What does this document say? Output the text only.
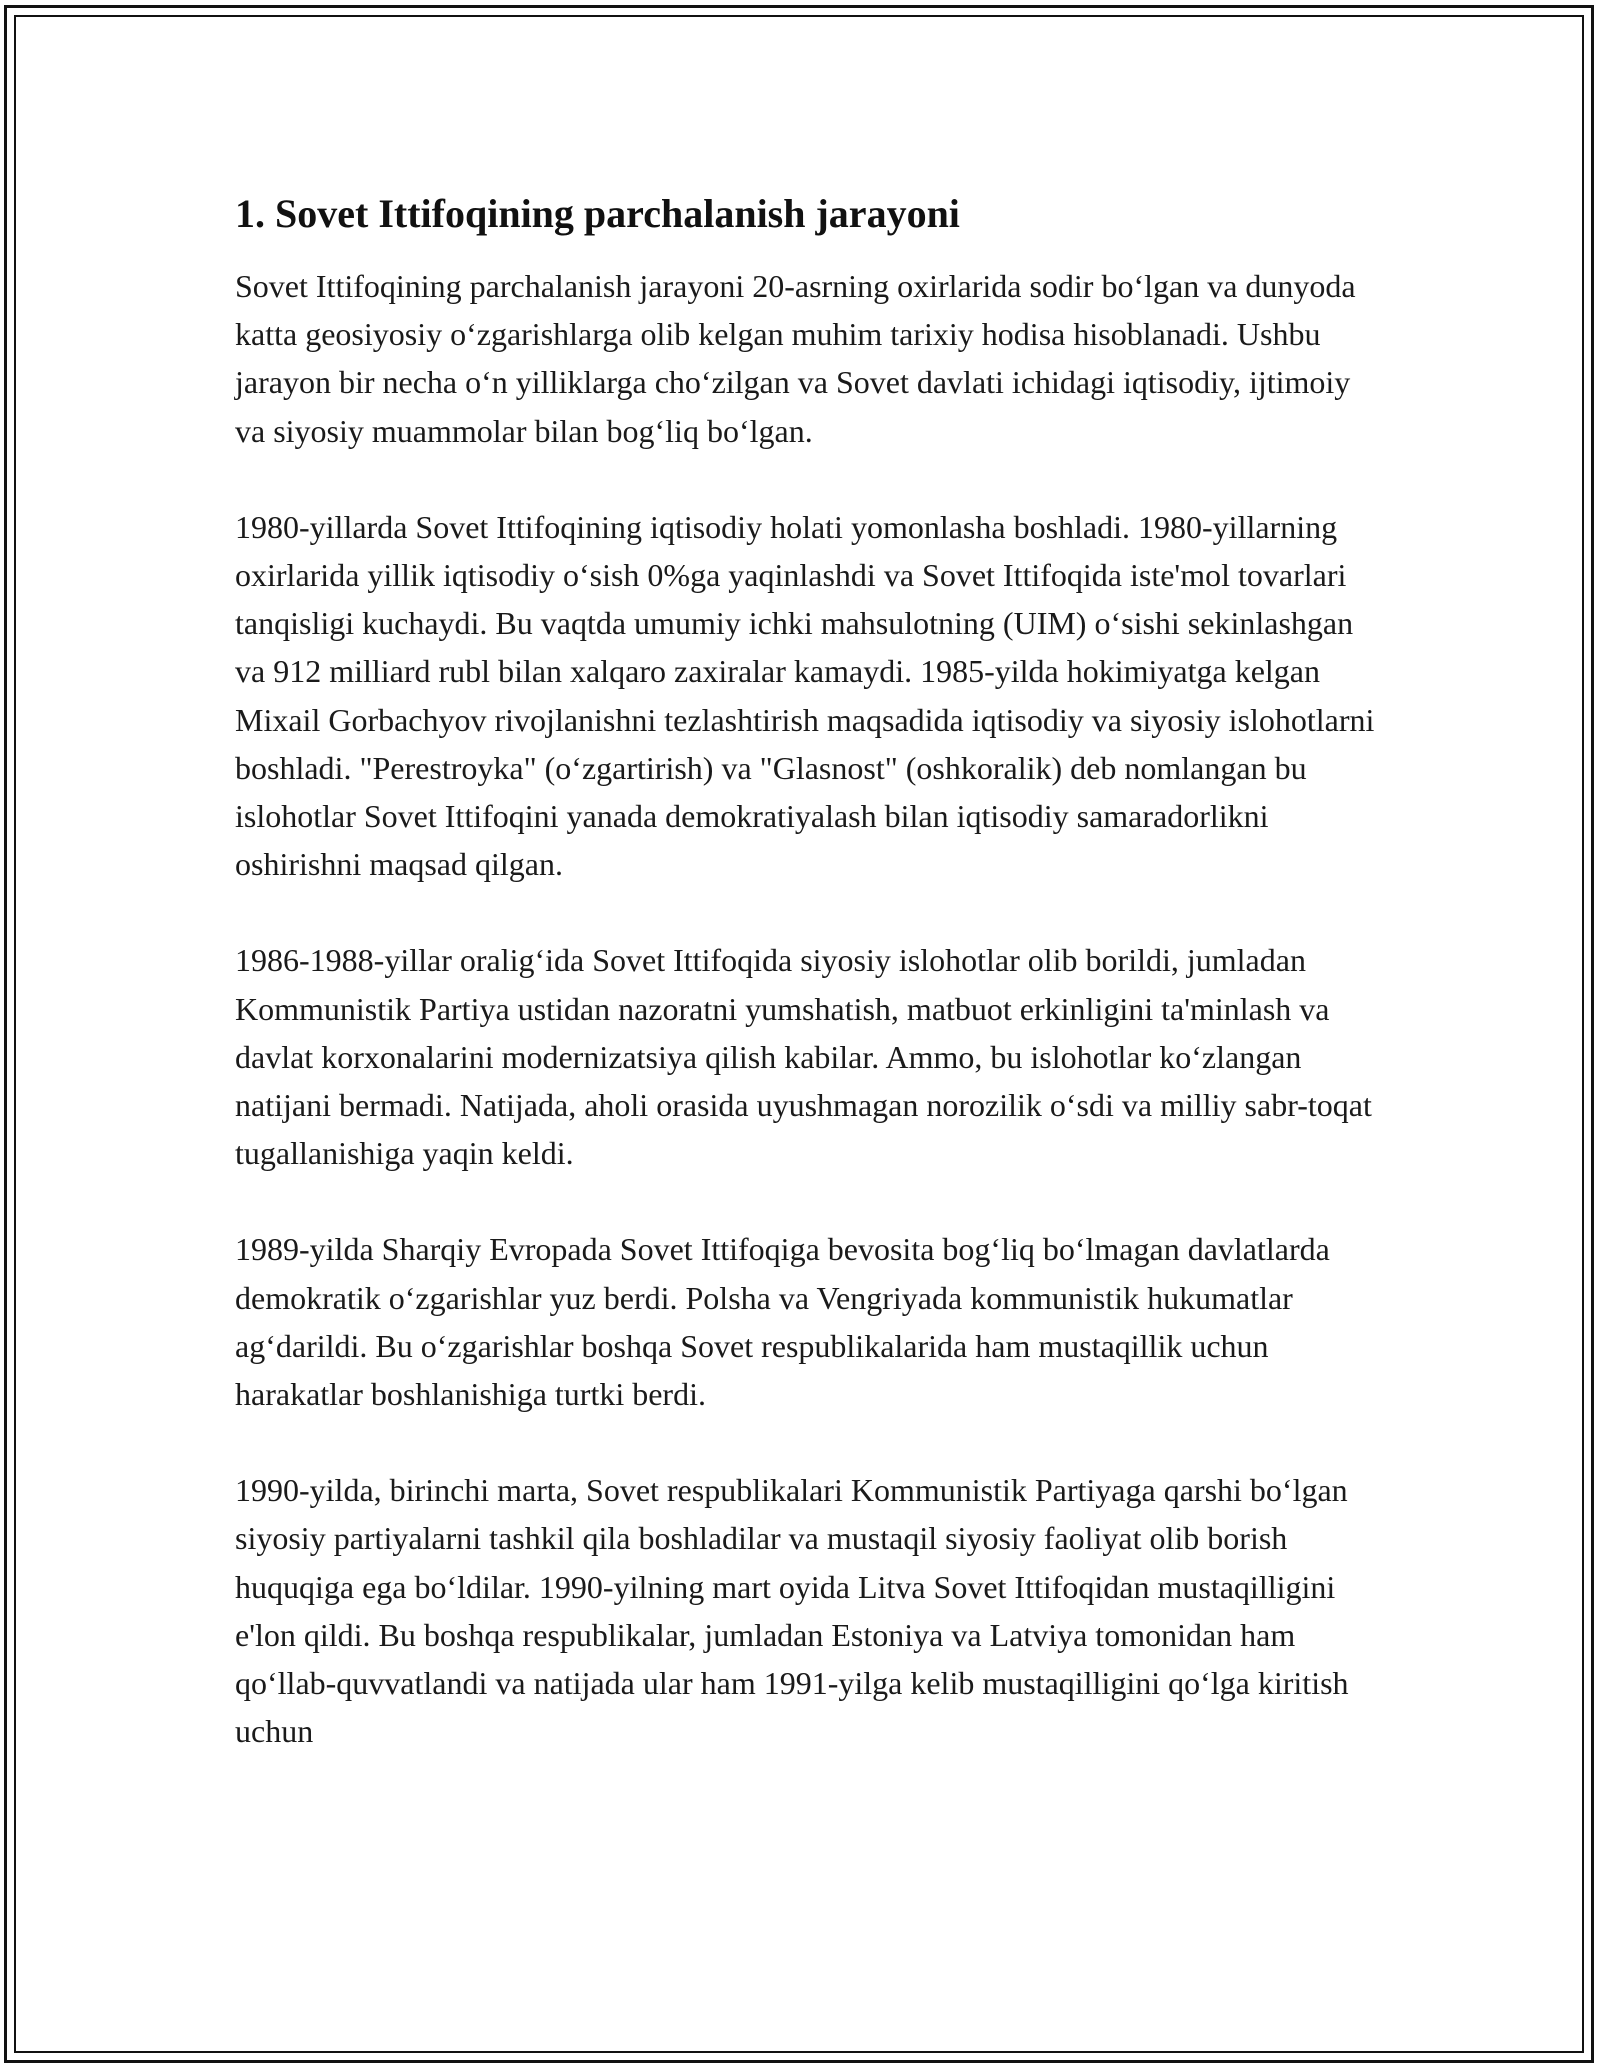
1. Sovet Ittifoqining parchalanish jarayoni

Sovet Ittifoqining parchalanish jarayoni 20-asrning oxirlarida sodir bo‘lgan va dunyoda katta geosiyosiy o‘zgarishlarga olib kelgan muhim tarixiy hodisa hisoblanadi. Ushbu jarayon bir necha o‘n yilliklarga cho‘zilgan va Sovet davlati ichidagi iqtisodiy, ijtimoiy va siyosiy muammolar bilan bog‘liq bo‘lgan.

1980-yillarda Sovet Ittifoqining iqtisodiy holati yomonlasha boshladi. 1980-yillarning oxirlarida yillik iqtisodiy o‘sish 0%ga yaqinlashdi va Sovet Ittifoqida iste'mol tovarlari tanqisligi kuchaydi. Bu vaqtda umumiy ichki mahsulotning (UIM) o‘sishi sekinlashgan va 912 milliard rubl bilan xalqaro zaxiralar kamaydi. 1985-yilda hokimiyatga kelgan Mixail Gorbachyov rivojlanishni tezlashtirish maqsadida iqtisodiy va siyosiy islohotlarni boshladi. "Perestroyka" (o‘zgartirish) va "Glasnost" (oshkoralik) deb nomlangan bu islohotlar Sovet Ittifoqini yanada demokratiyalash bilan iqtisodiy samaradorlikni oshirishni maqsad qilgan.

1986-1988-yillar oralig‘ida Sovet Ittifoqida siyosiy islohotlar olib borildi, jumladan Kommunistik Partiya ustidan nazoratni yumshatish, matbuot erkinligini ta'minlash va davlat korxonalarini modernizatsiya qilish kabilar. Ammo, bu islohotlar ko‘zlangan natijani bermadi. Natijada, aholi orasida uyushmagan norozilik o‘sdi va milliy sabr-toqat tugallanishiga yaqin keldi.

1989-yilda Sharqiy Evropada Sovet Ittifoqiga bevosita bog‘liq bo‘lmagan davlatlarda demokratik o‘zgarishlar yuz berdi. Polsha va Vengriyada kommunistik hukumatlar ag‘darildi. Bu o‘zgarishlar boshqa Sovet respublikalarida ham mustaqillik uchun harakatlar boshlanishiga turtki berdi.

1990-yilda, birinchi marta, Sovet respublikalari Kommunistik Partiyaga qarshi bo‘lgan siyosiy partiyalarni tashkil qila boshladilar va mustaqil siyosiy faoliyat olib borish huquqiga ega bo‘ldilar. 1990-yilning mart oyida Litva Sovet Ittifoqidan mustaqilligini e'lon qildi. Bu boshqa respublikalar, jumladan Estoniya va Latviya tomonidan ham qo‘llab-quvvatlandi va natijada ular ham 1991-yilga kelib mustaqilligini qo‘lga kiritish uchun
